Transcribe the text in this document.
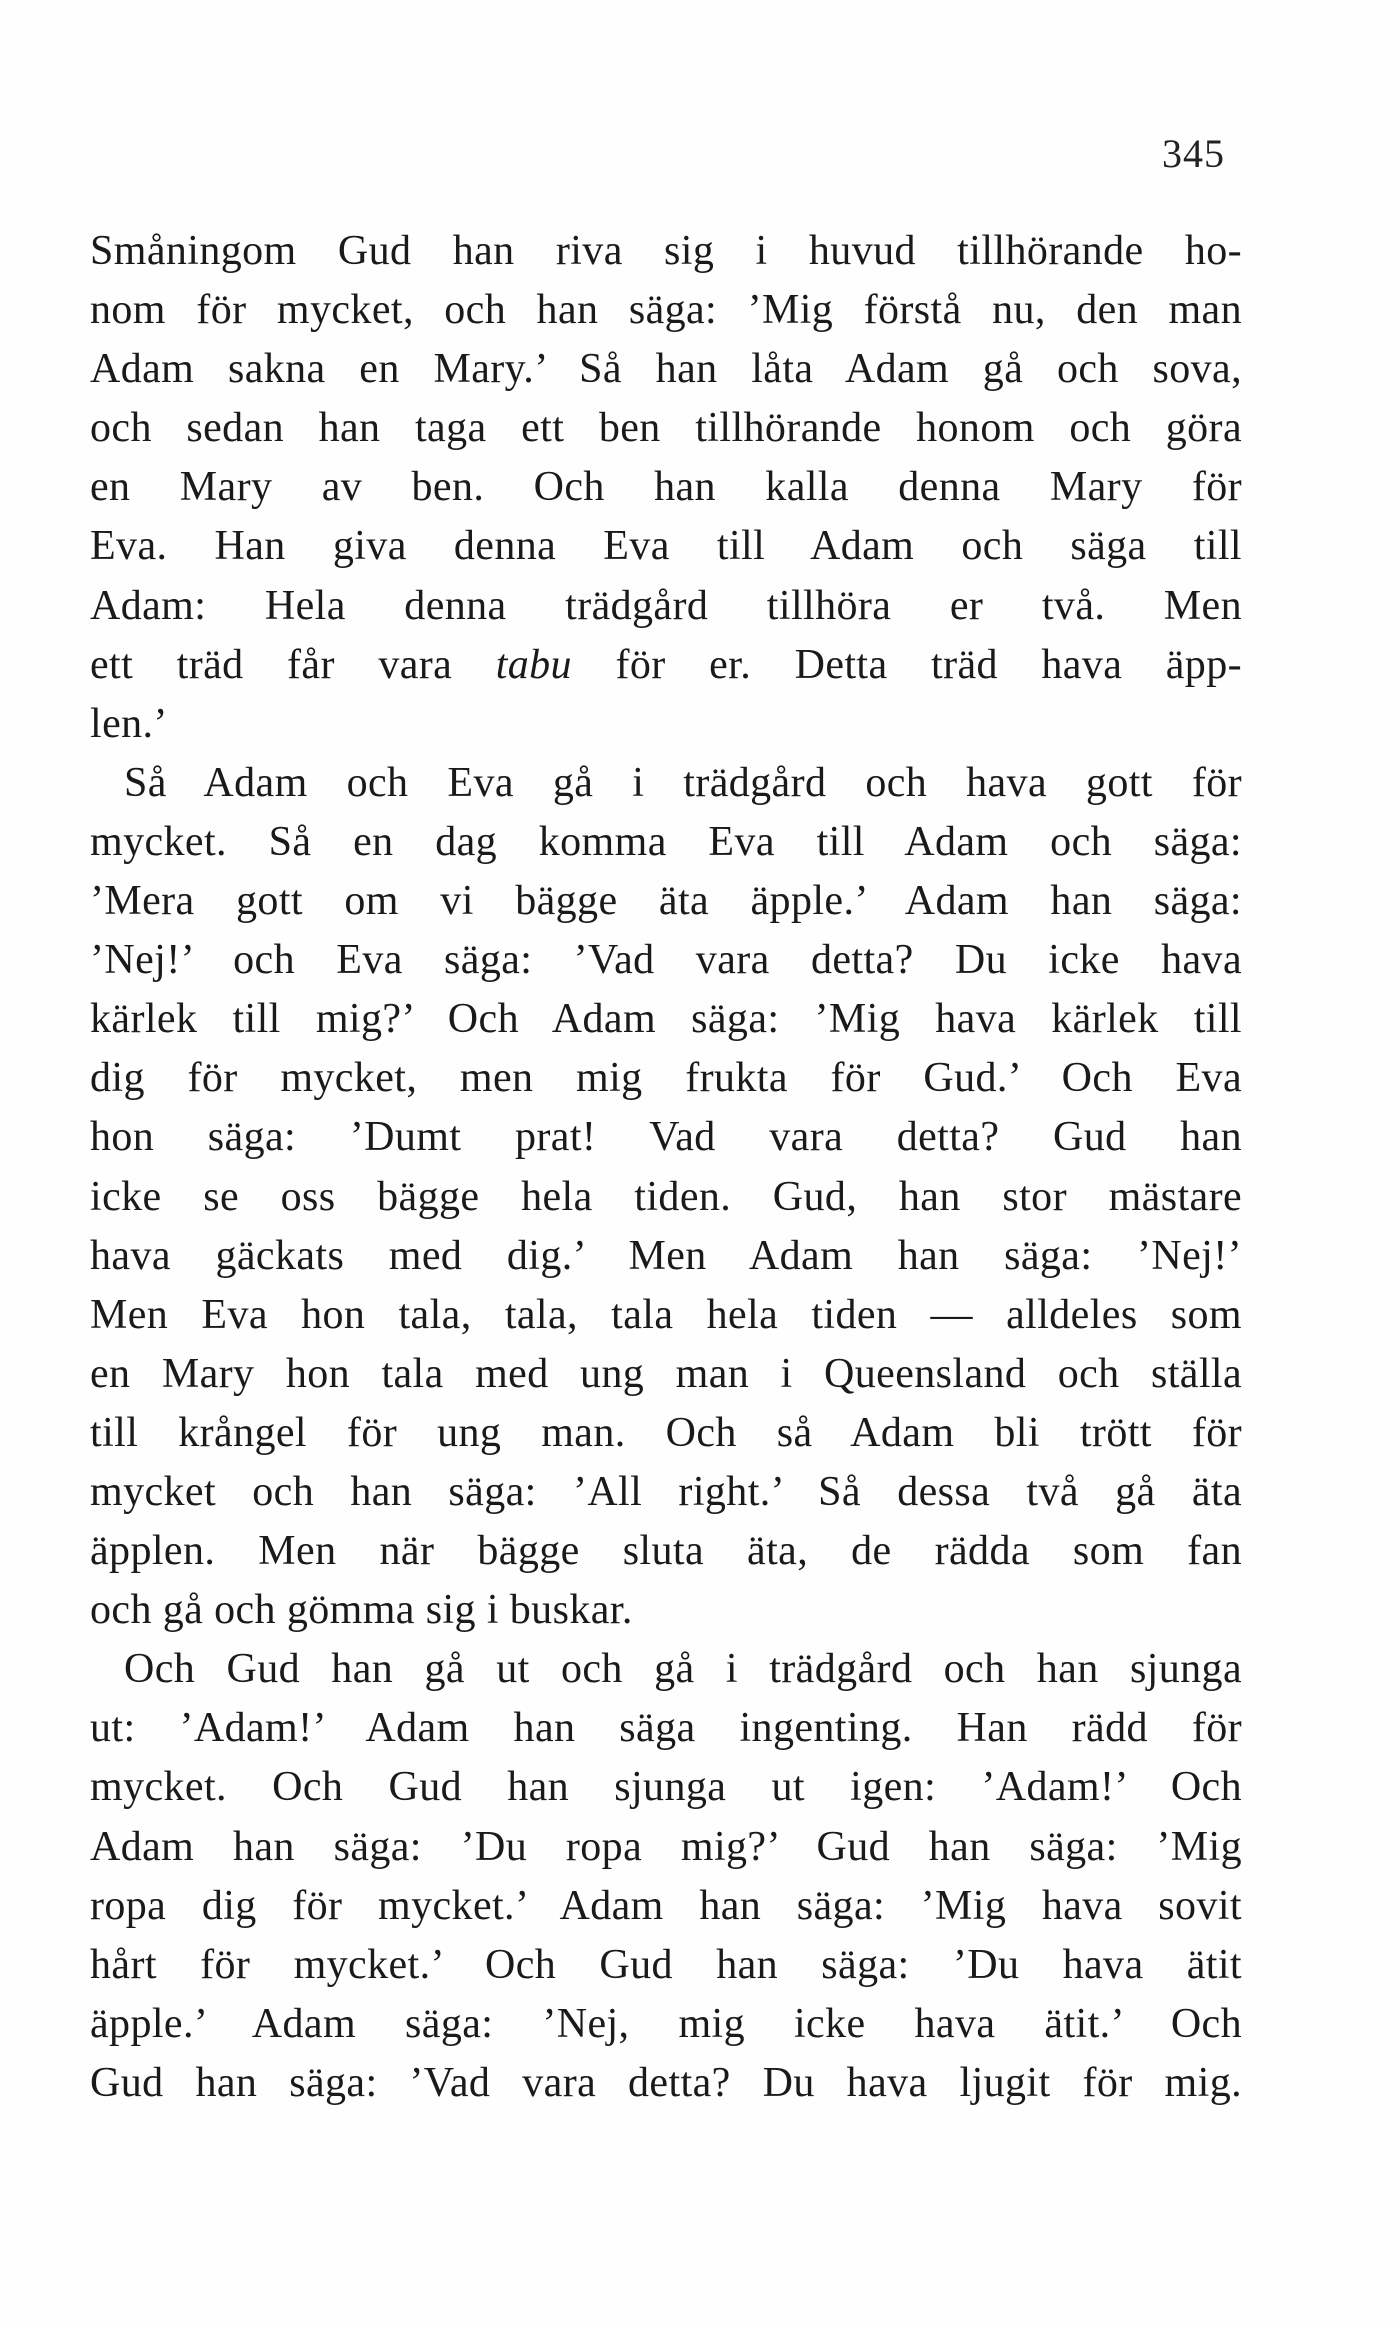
345
Småningom Gud han riva sig i huvud tillhörande ho-
nom för mycket, och han säga: ’Mig förstå nu, den man
Adam sakna en Mary.’ Så han låta Adam gå och sova,
och sedan han taga ett ben tillhörande honom och göra
en Mary av ben. Och han kalla denna Mary för
Eva. Han giva denna Eva till Adam och säga till
Adam: Hela denna trädgård tillhöra er två. Men
ett träd får vara tabu för er. Detta träd hava äpp-
len.’
Så Adam och Eva gå i trädgård och hava gott för
mycket. Så en dag komma Eva till Adam och säga:
’Mera gott om vi bägge äta äpple.’ Adam han säga:
’Nej!’ och Eva säga: ’Vad vara detta? Du icke hava
kärlek till mig?’ Och Adam säga: ’Mig hava kärlek till
dig för mycket, men mig frukta för Gud.’ Och Eva
hon säga: ’Dumt prat! Vad vara detta? Gud han
icke se oss bägge hela tiden. Gud, han stor mästare
hava gäckats med dig.’ Men Adam han säga: ’Nej!’
Men Eva hon tala, tala, tala hela tiden — alldeles som
en Mary hon tala med ung man i Queensland och ställa
till krångel för ung man. Och så Adam bli trött för
mycket och han säga: ’All right.’ Så dessa två gå äta
äpplen. Men när bägge sluta äta, de rädda som fan
och gå och gömma sig i buskar.
Och Gud han gå ut och gå i trädgård och han sjunga
ut: ’Adam!’ Adam han säga ingenting. Han rädd för
mycket. Och Gud han sjunga ut igen: ’Adam!’ Och
Adam han säga: ’Du ropa mig?’ Gud han säga: ’Mig
ropa dig för mycket.’ Adam han säga: ’Mig hava sovit
hårt för mycket.’ Och Gud han säga: ’Du hava ätit
äpple.’ Adam säga: ’Nej, mig icke hava ätit.’ Och
Gud han säga: ’Vad vara detta? Du hava ljugit för mig.
